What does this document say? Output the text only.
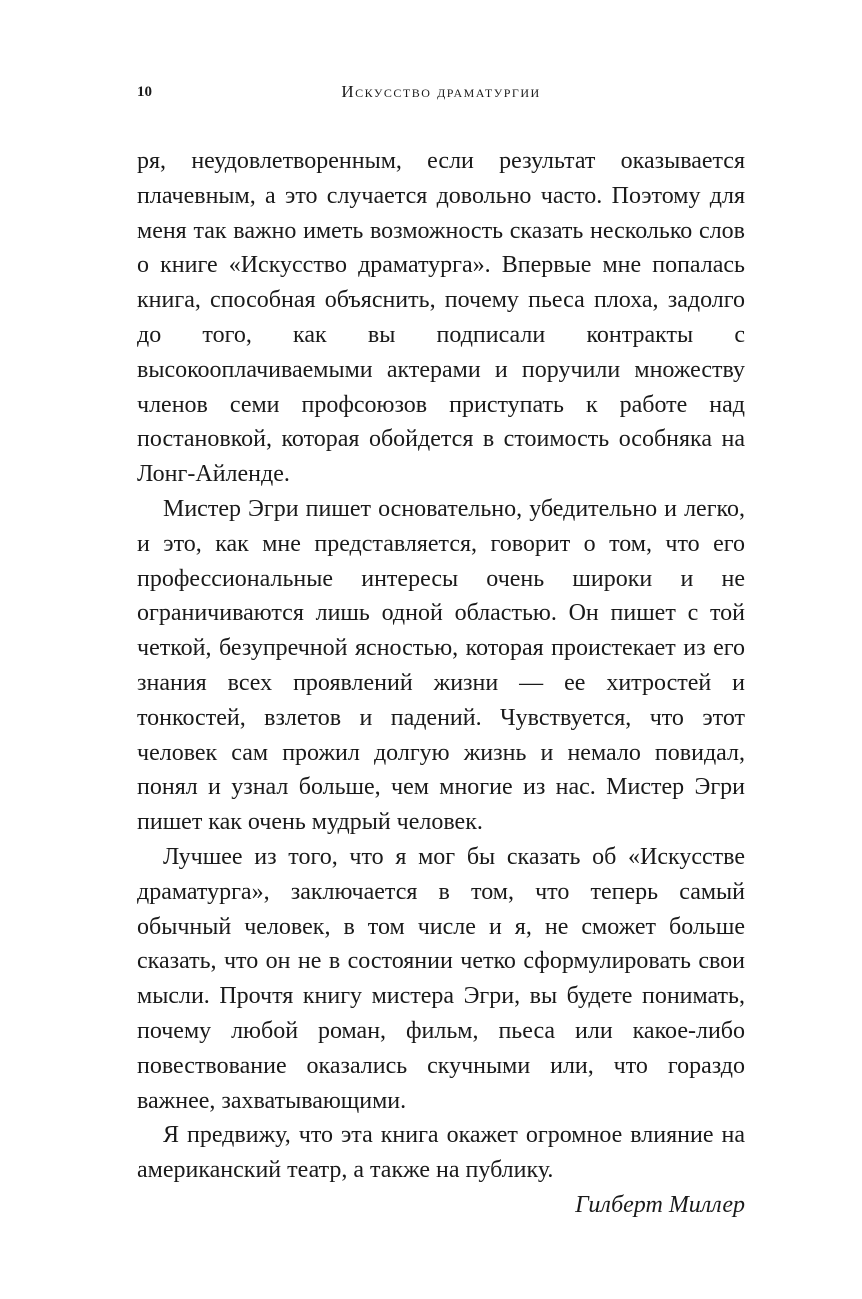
10	Искусство драматургии

ря, неудовлетворенным, если результат оказывается плачевным, а это случается довольно часто. Поэтому для меня так важно иметь возможность сказать несколько слов о книге «Искусство драматурга». Впервые мне попалась книга, способная объяснить, почему пьеса плоха, задолго до того, как вы подписали контракты с высокооплачиваемыми актерами и поручили множеству членов семи профсоюзов приступать к работе над постановкой, которая обойдется в стоимость особняка на Лонг-Айленде.

Мистер Эгри пишет основательно, убедительно и легко, и это, как мне представляется, говорит о том, что его профессиональные интересы очень широки и не ограничиваются лишь одной областью. Он пишет с той четкой, безупречной ясностью, которая проистекает из его знания всех проявлений жизни — ее хитростей и тонкостей, взлетов и падений. Чувствуется, что этот человек сам прожил долгую жизнь и немало повидал, понял и узнал больше, чем многие из нас. Мистер Эгри пишет как очень мудрый человек.

Лучшее из того, что я мог бы сказать об «Искусстве драматурга», заключается в том, что теперь самый обычный человек, в том числе и я, не сможет больше сказать, что он не в состоянии четко сформулировать свои мысли. Прочтя книгу мистера Эгри, вы будете понимать, почему любой роман, фильм, пьеса или какое-либо повествование оказались скучными или, что гораздо важнее, захватывающими.

Я предвижу, что эта книга окажет огромное влияние на американский театр, а также на публику.

Гилберт Миллер
